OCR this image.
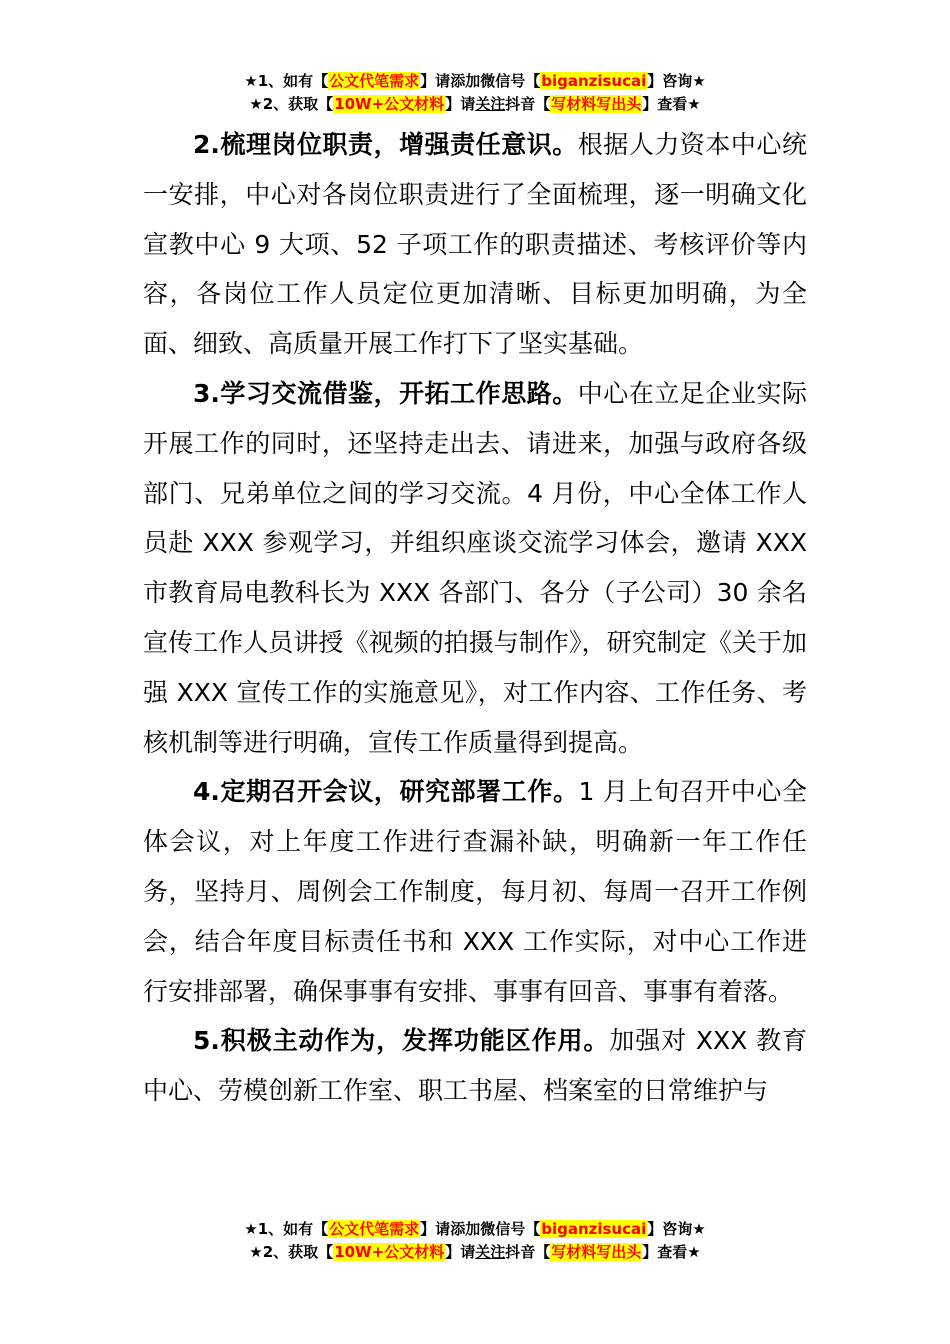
★1、如有【公文代笔需求】请添加微信号【biganzisucai】咨询★
★2、获取【10W+公文材料】请关注抖音【写材料写出头】查看★

2.梳理岗位职责，增强责任意识。根据人力资本中心统一安排，中心对各岗位职责进行了全面梳理，逐一明确文化宣教中心 9 大项、52 子项工作的职责描述、考核评价等内容，各岗位工作人员定位更加清晰、目标更加明确，为全面、细致、高质量开展工作打下了坚实基础。

3.学习交流借鉴，开拓工作思路。中心在立足企业实际开展工作的同时，还坚持走出去、请进来，加强与政府各级部门、兄弟单位之间的学习交流。4 月份，中心全体工作人员赴 XXX 参观学习，并组织座谈交流学习体会，邀请 XXX 市教育局电教科长为 XXX 各部门、各分（子公司）30 余名宣传工作人员讲授《视频的拍摄与制作》，研究制定《关于加强 XXX 宣传工作的实施意见》，对工作内容、工作任务、考核机制等进行明确，宣传工作质量得到提高。

4.定期召开会议，研究部署工作。1 月上旬召开中心全体会议，对上年度工作进行查漏补缺，明确新一年工作任务，坚持月、周例会工作制度，每月初、每周一召开工作例会，结合年度目标责任书和 XXX 工作实际，对中心工作进行安排部署，确保事事有安排、事事有回音、事事有着落。

5.积极主动作为，发挥功能区作用。加强对 XXX 教育中心、劳模创新工作室、职工书屋、档案室的日常维护与

★1、如有【公文代笔需求】请添加微信号【biganzisucai】咨询★
★2、获取【10W+公文材料】请关注抖音【写材料写出头】查看★
